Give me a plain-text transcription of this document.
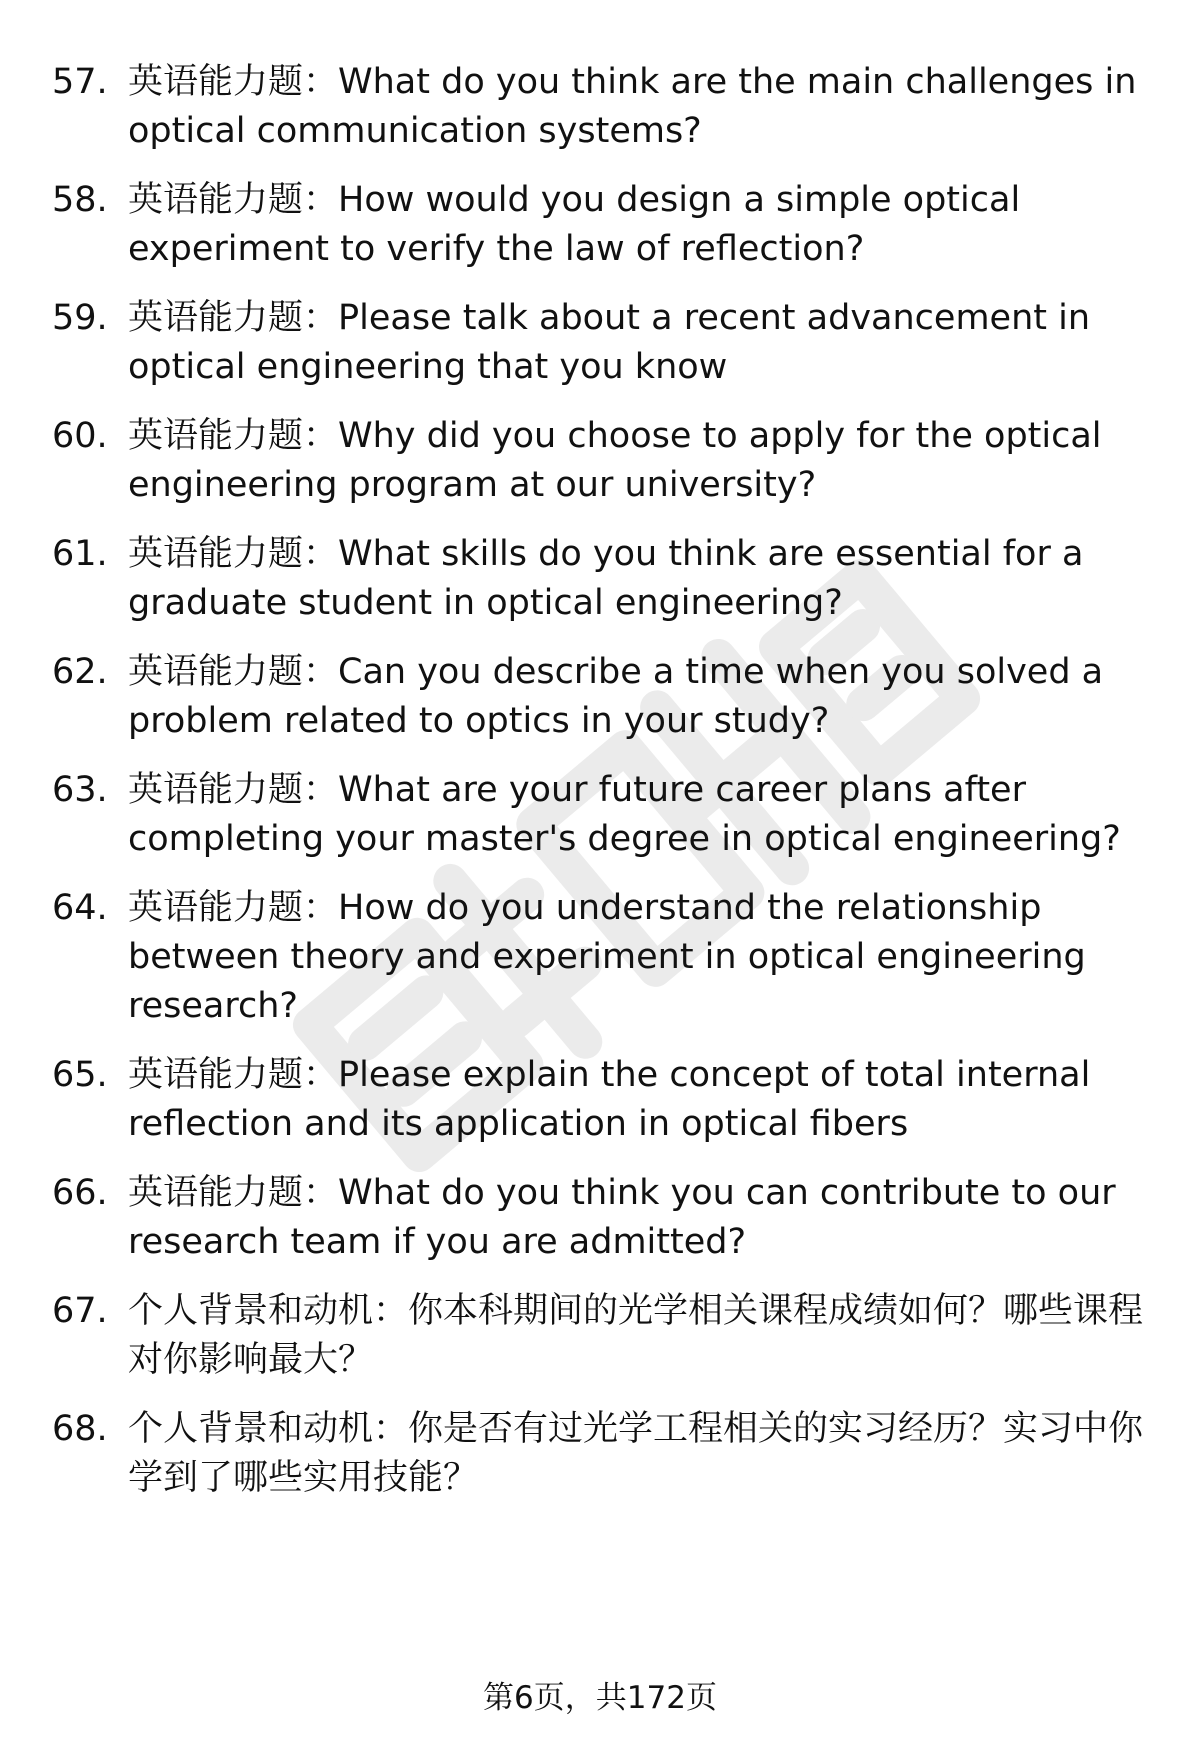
57. 英语能力题：What do you think are the main challenges in optical communication systems?
58. 英语能力题：How would you design a simple optical experiment to verify the law of reflection?
59. 英语能力题：Please talk about a recent advancement in optical engineering that you know
60. 英语能力题：Why did you choose to apply for the optical engineering program at our university?
61. 英语能力题：What skills do you think are essential for a graduate student in optical engineering?
62. 英语能力题：Can you describe a time when you solved a problem related to optics in your study?
63. 英语能力题：What are your future career plans after completing your master's degree in optical engineering?
64. 英语能力题：How do you understand the relationship between theory and experiment in optical engineering research?
65. 英语能力题：Please explain the concept of total internal reflection and its application in optical fibers
66. 英语能力题：What do you think you can contribute to our research team if you are admitted?
67. 个人背景和动机：你本科期间的光学相关课程成绩如何？哪些课程对你影响最大？
68. 个人背景和动机：你是否有过光学工程相关的实习经历？实习中你学到了哪些实用技能？
第6页，共172页
